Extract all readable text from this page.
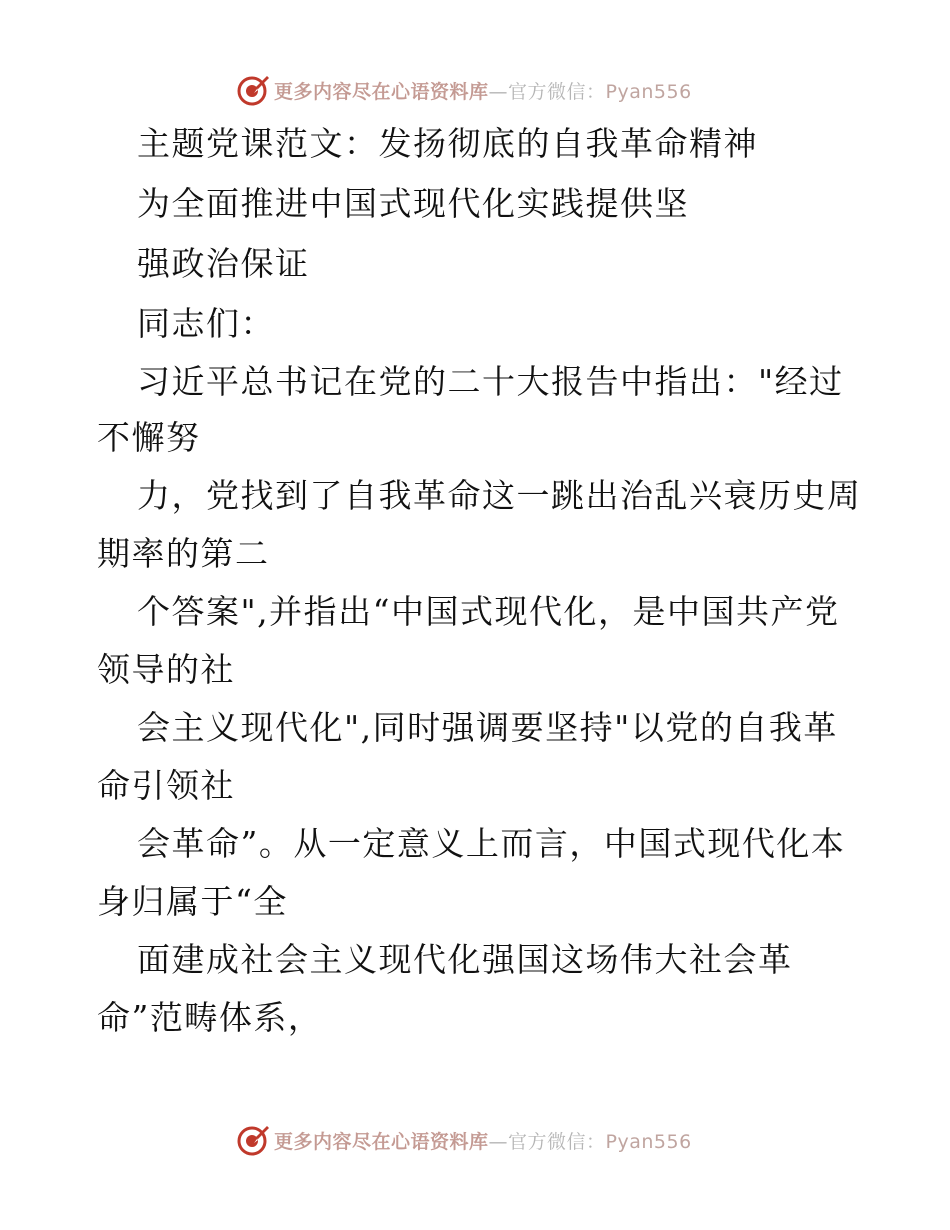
更多内容尽在心语资料库—官方微信：Pyan556
主题党课范文：发扬彻底的自我革命精神
为全面推进中国式现代化实践提供坚
强政治保证
同志们：
习近平总书记在党的二十大报告中指出："经过
不懈努
力，党找到了自我革命这一跳出治乱兴衰历史周
期率的第二
个答案",并指出“中国式现代化，是中国共产党
领导的社
会主义现代化",同时强调要坚持"以党的自我革
命引领社
会革命”。从一定意义上而言，中国式现代化本
身归属于“全
面建成社会主义现代化强国这场伟大社会革
命”范畴体系，
更多内容尽在心语资料库—官方微信：Pyan556
